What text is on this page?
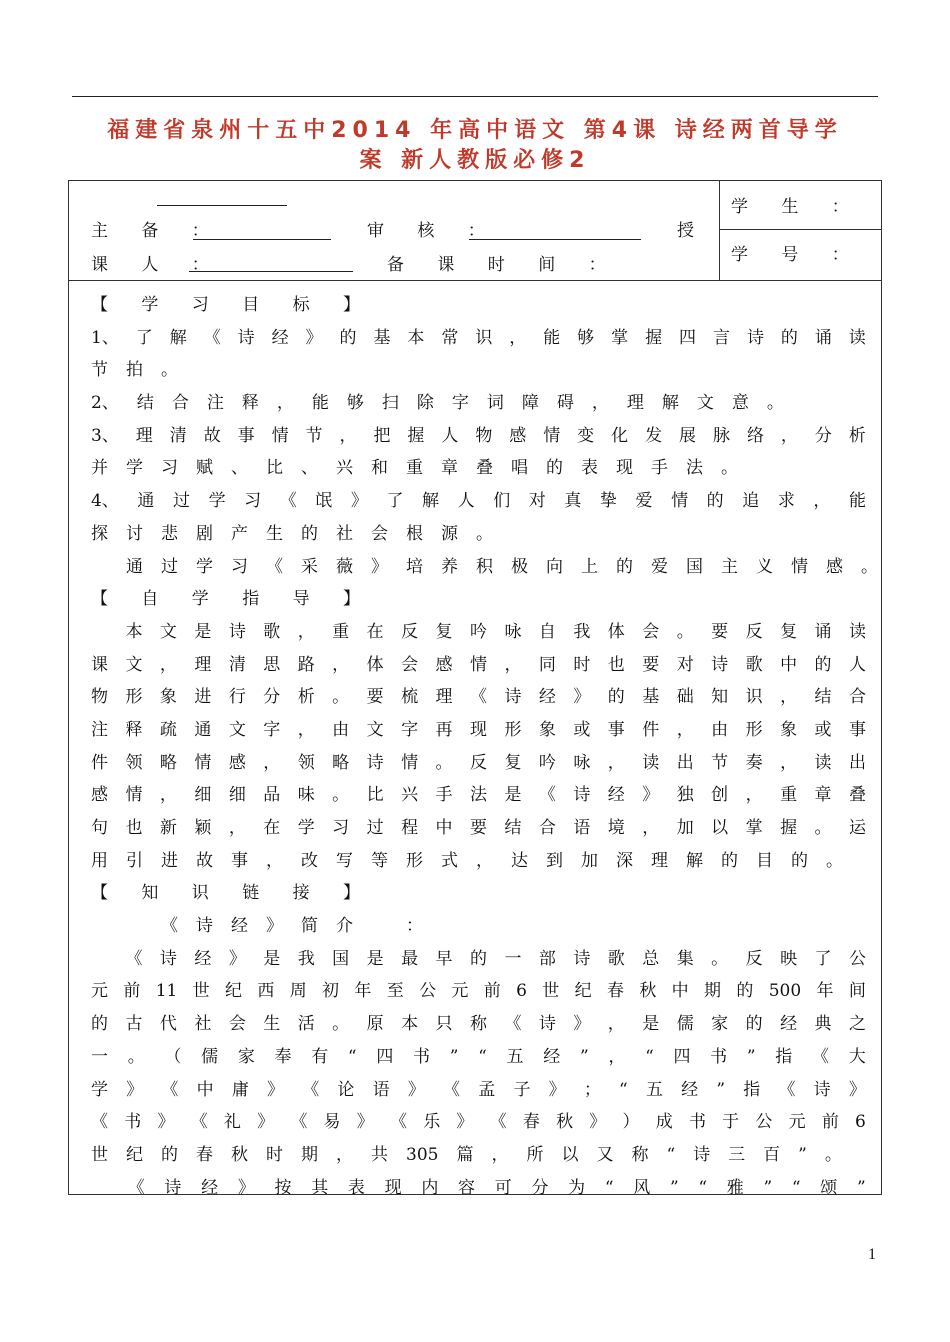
福建省泉州十五中2014 年高中语文 第4课 诗经两首导学
案 新人教版必修2
主 备 ：	审 核 ：	授
课 人 ：	备 课 时 间 ：
学 生 ：
学 号 ：
【 学 习 目 标 】
1、 了 解 《 诗 经 》 的 基 本 常 识 ， 能 够 掌 握 四 言 诗 的 诵 读
节 拍 。
2、 结 合 注 释 ， 能 够 扫 除 字 词 障 碍 ， 理 解 文 意 。
3、 理 清 故 事 情 节 ， 把 握 人 物 感 情 变 化 发 展 脉 络 ， 分 析
并 学 习 赋 、 比 、 兴 和 重 章 叠 唱 的 表 现 手 法 。
4、 通 过 学 习 《 氓 》 了 解 人 们 对 真 挚 爱 情 的 追 求 ， 能
探 讨 悲 剧 产 生 的 社 会 根 源 。

通 过 学 习 《 采 薇 》 培 养 积 极 向 上 的 爱 国 主 义 情 感 。
【 自 学 指 导 】

本 文 是 诗 歌 ， 重 在 反 复 吟 咏 自 我 体 会 。 要 反 复 诵 读
课 文 ， 理 清 思 路 ， 体 会 感 情 ， 同 时 也 要 对 诗 歌 中 的 人
物 形 象 进 行 分 析 。 要 梳 理 《 诗 经 》 的 基 础 知 识 ， 结 合
注 释 疏 通 文 字 ， 由 文 字 再 现 形 象 或 事 件 ， 由 形 象 或 事
件 领 略 情 感 ， 领 略 诗 情 。 反 复 吟 咏 ， 读 出 节 奏 ， 读 出
感 情 ， 细 细 品 味 。 比 兴 手 法 是 《 诗 经 》 独 创 ， 重 章 叠
句 也 新 颖 ， 在 学 习 过 程 中 要 结 合 语 境 ， 加 以 掌 握 。 运
用 引 进 故 事 ， 改 写 等 形 式 ， 达 到 加 深 理 解 的 目 的 。
【 知 识 链 接 】

《 诗 经 》 简 介
　	：

《 诗 经 》 是 我 国 是 最 早 的 一 部 诗 歌 总 集 。 反 映 了 公
元 前 11 世 纪 西 周 初 年 至 公 元 前 6 世 纪 春 秋 中 期 的 500 年 间
的 古 代 社 会 生 活 。 原 本 只 称 《 诗 》 ， 是 儒 家 的 经 典 之
一 。 （ 儒 家 奉 有 “ 四 书 ” “ 五 经 ” ， “ 四 书 ” 指 《 大
学 》 《 中 庸 》 《 论 语 》 《 孟 子 》 ； “ 五 经 ” 指 《 诗 》
《 书 》 《 礼 》 《 易 》 《 乐 》 《 春 秋 》 ） 成 书 于 公 元 前 6
世 纪 的 春 秋 时 期 ， 共 305 篇 ， 所 以 又 称 “ 诗 三 百 ” 。

《 诗 经 》 按 其 表 现 内 容 可 分 为 “ 风 ” “ 雅 ” “ 颂 ”
1
